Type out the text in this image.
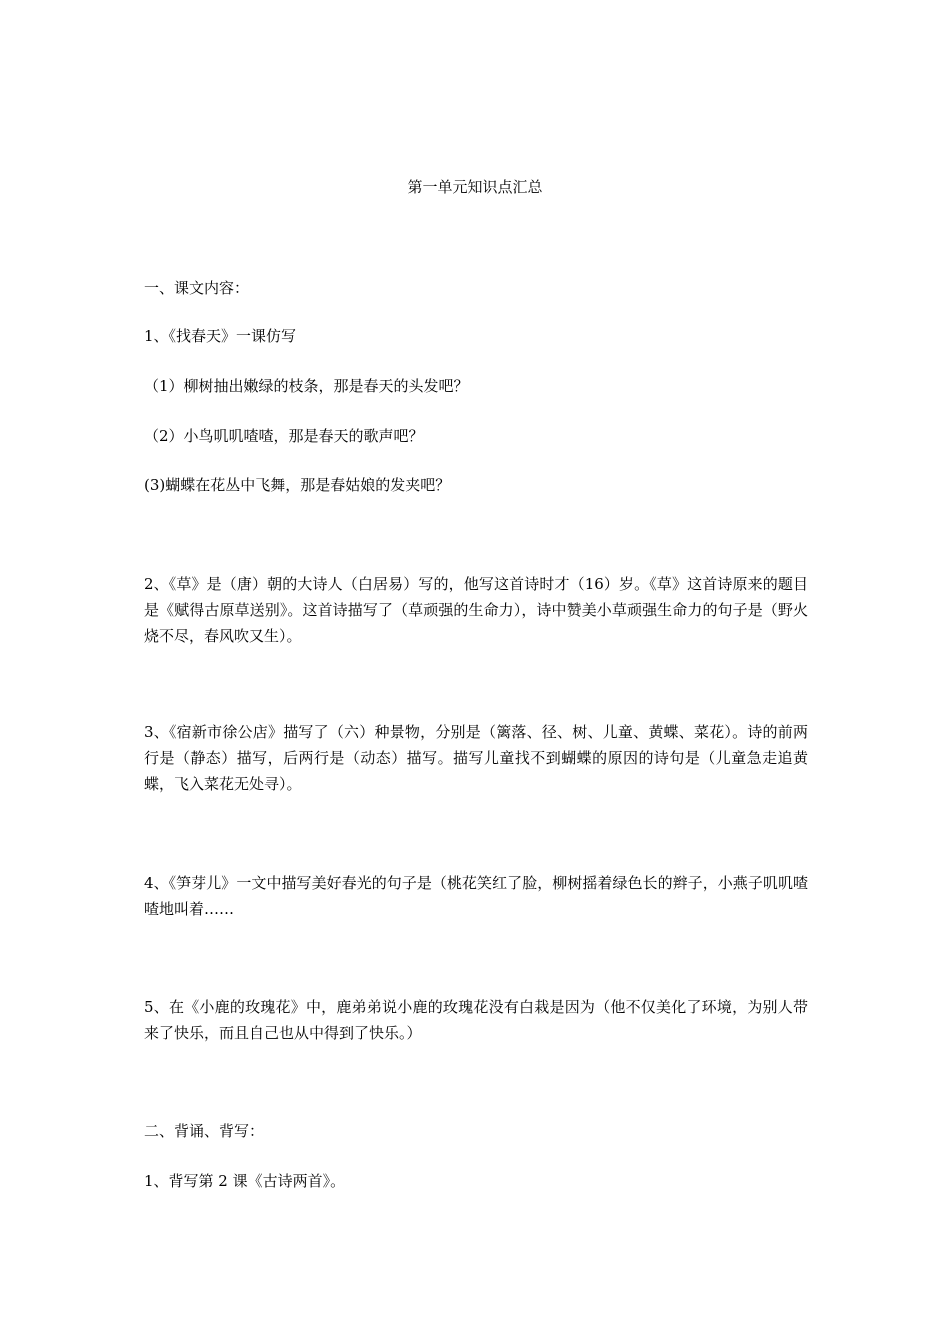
第一单元知识点汇总
一、课文内容：
1、《找春天》一课仿写
（1）柳树抽出嫩绿的枝条，那是春天的头发吧？
（2）小鸟叽叽喳喳，那是春天的歌声吧？
(3)蝴蝶在花丛中飞舞，那是春姑娘的发夹吧？
2、《草》是（唐）朝的大诗人（白居易）写的，他写这首诗时才（16）岁。《草》这首诗原来的题目是《赋得古原草送别》。这首诗描写了（草顽强的生命力），诗中赞美小草顽强生命力的句子是（野火烧不尽，春风吹又生）。
3、《宿新市徐公店》描写了（六）种景物，分别是（篱落、径、树、儿童、黄蝶、菜花）。诗的前两行是（静态）描写，后两行是（动态）描写。描写儿童找不到蝴蝶的原因的诗句是（儿童急走追黄蝶，飞入菜花无处寻）。
4、《笋芽儿》一文中描写美好春光的句子是（桃花笑红了脸，柳树摇着绿色长的辫子，小燕子叽叽喳喳地叫着……
5、在《小鹿的玫瑰花》中，鹿弟弟说小鹿的玫瑰花没有白栽是因为（他不仅美化了环境，为别人带来了快乐，而且自己也从中得到了快乐。）
二、背诵、背写：
1、背写第 2 课《古诗两首》。
